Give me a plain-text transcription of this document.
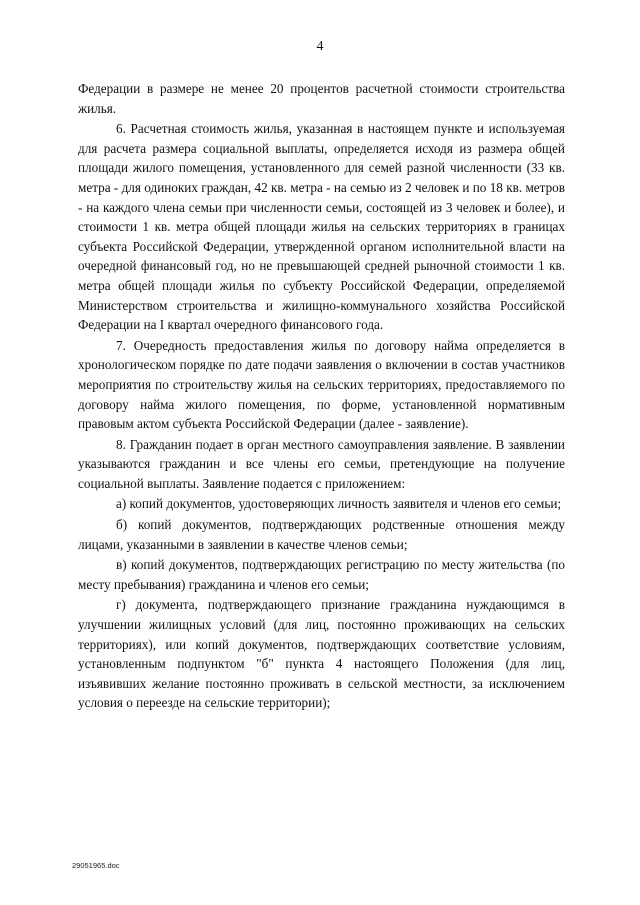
4

Федерации в размере не менее 20 процентов расчетной стоимости строительства жилья.

6. Расчетная стоимость жилья, указанная в настоящем пункте и используемая для расчета размера социальной выплаты, определяется исходя из размера общей площади жилого помещения, установленного для семей разной численности (33 кв. метра - для одиноких граждан, 42 кв. метра - на семью из 2 человек и по 18 кв. метров - на каждого члена семьи при численности семьи, состоящей из 3 человек и более), и стоимости 1 кв. метра общей площади жилья на сельских территориях в границах субъекта Российской Федерации, утвержденной органом исполнительной власти на очередной финансовый год, но не превышающей средней рыночной стоимости 1 кв. метра общей площади жилья по субъекту Российской Федерации, определяемой Министерством строительства и жилищно-коммунального хозяйства Российской Федерации на I квартал очередного финансового года.

7. Очередность предоставления жилья по договору найма определяется в хронологическом порядке по дате подачи заявления о включении в состав участников мероприятия по строительству жилья на сельских территориях, предоставляемого по договору найма жилого помещения, по форме, установленной нормативным правовым актом субъекта Российской Федерации (далее - заявление).

8. Гражданин подает в орган местного самоуправления заявление. В заявлении указываются гражданин и все члены его семьи, претендующие на получение социальной выплаты. Заявление подается с приложением:

а) копий документов, удостоверяющих личность заявителя и членов его семьи;

б) копий документов, подтверждающих родственные отношения между лицами, указанными в заявлении в качестве членов семьи;

в) копий документов, подтверждающих регистрацию по месту жительства (по месту пребывания) гражданина и членов его семьи;

г) документа, подтверждающего признание гражданина нуждающимся в улучшении жилищных условий (для лиц, постоянно проживающих на сельских территориях), или копий документов, подтверждающих соответствие условиям, установленным подпунктом "б" пункта 4 настоящего Положения (для лиц, изъявивших желание постоянно проживать в сельской местности, за исключением условия о переезде на сельские территории);

29051965.doc
